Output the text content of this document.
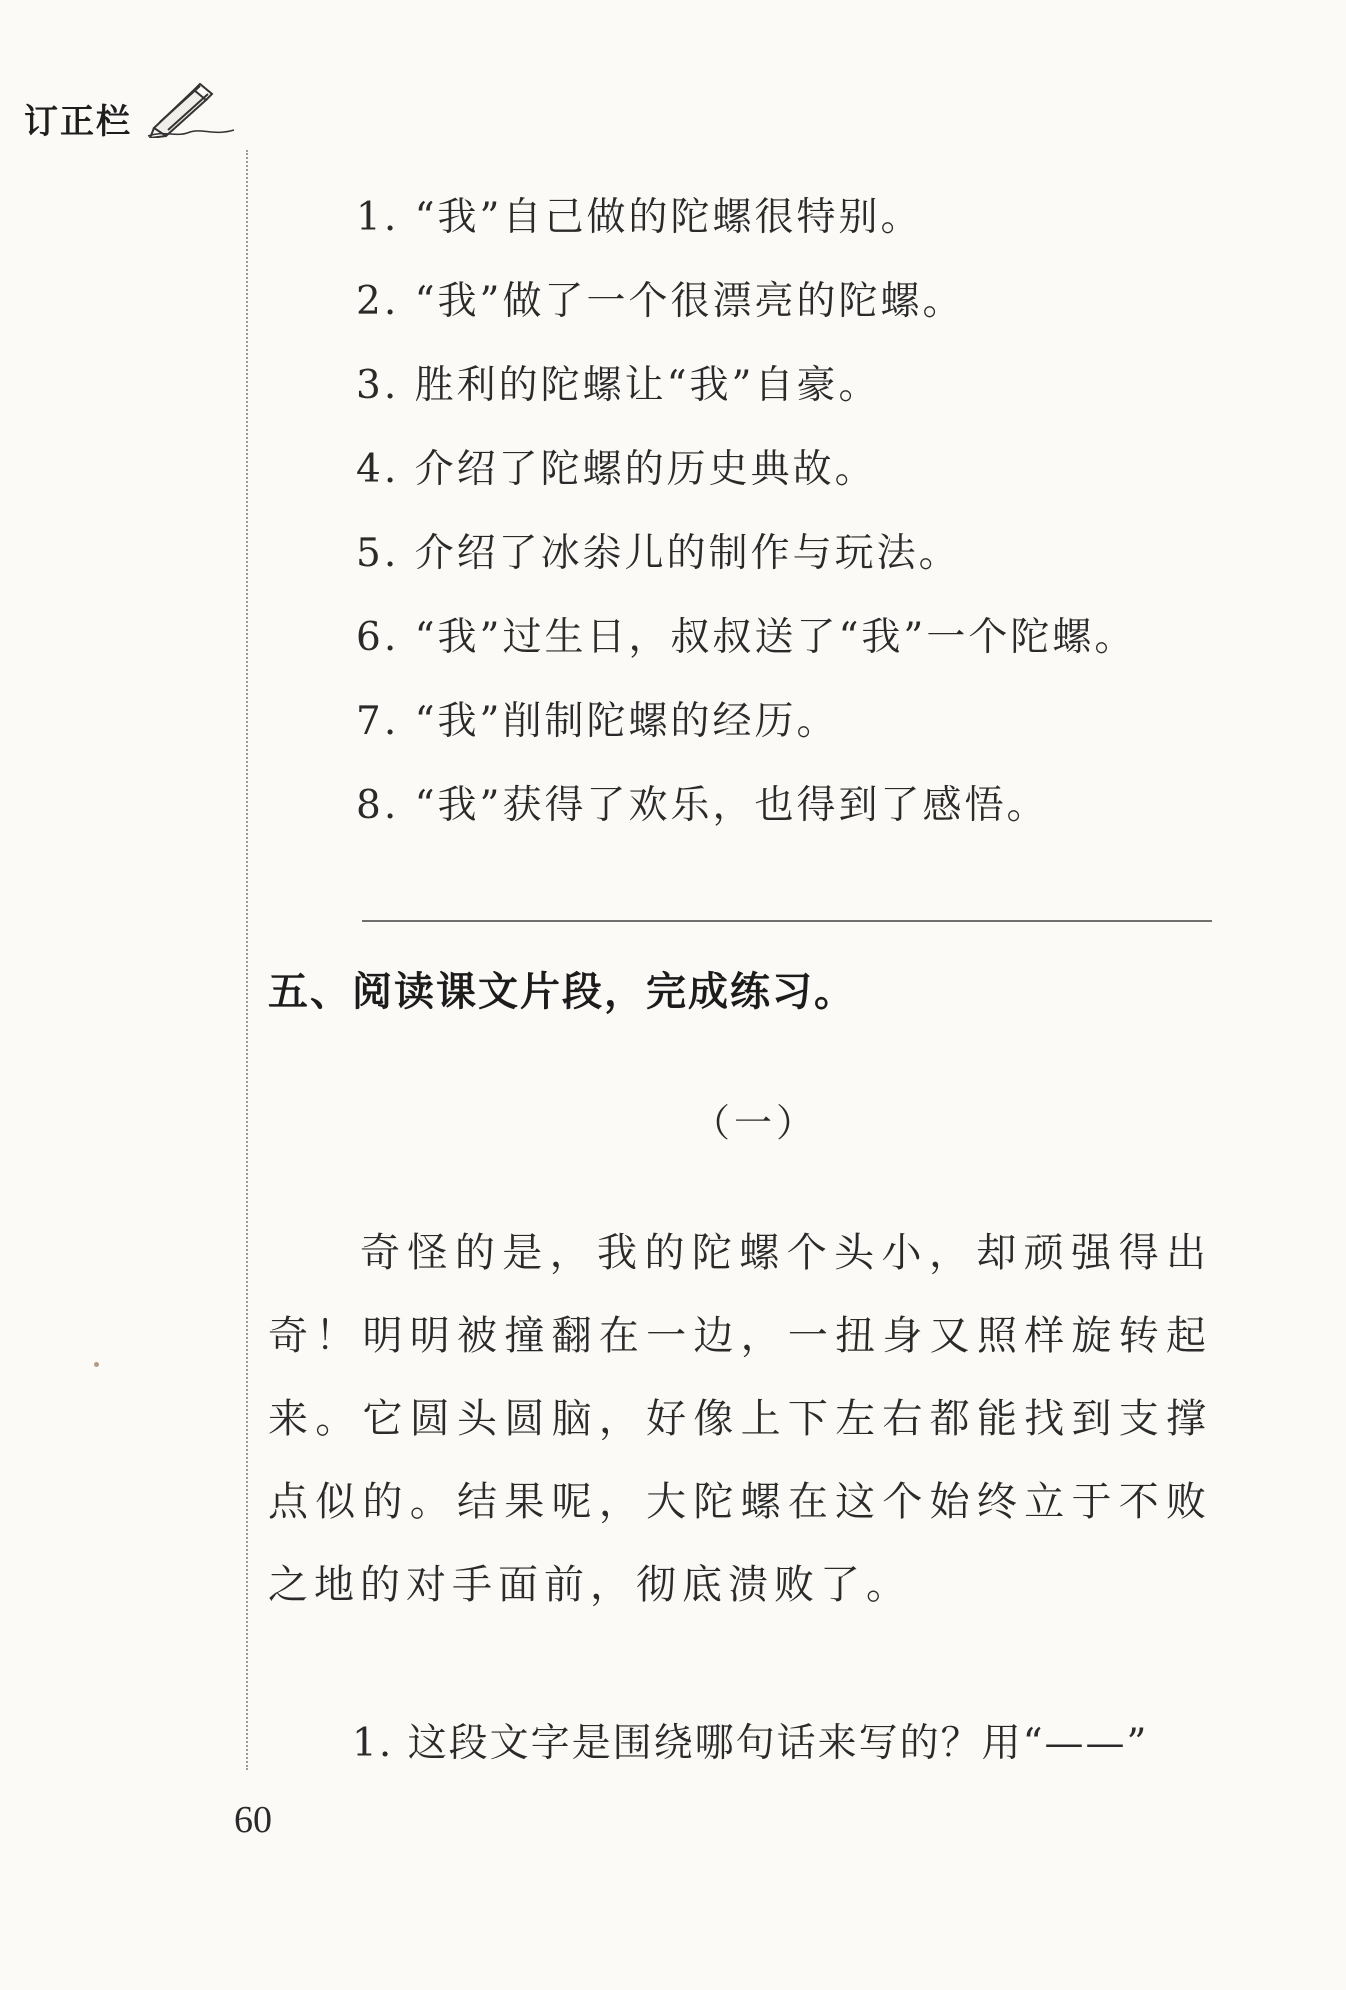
订正栏
1. “我”自己做的陀螺很特别。
2. “我”做了一个很漂亮的陀螺。
3. 胜利的陀螺让“我”自豪。
4. 介绍了陀螺的历史典故。
5. 介绍了冰尜儿的制作与玩法。
6. “我”过生日，叔叔送了“我”一个陀螺。
7. “我”削制陀螺的经历。
8. “我”获得了欢乐，也得到了感悟。
五、阅读课文片段，完成练习。
（一）
奇怪的是，我的陀螺个头小，却顽强得出奇！明明被撞翻在一边，一扭身又照样旋转起来。它圆头圆脑，好像上下左右都能找到支撑点似的。结果呢，大陀螺在这个始终立于不败之地的对手面前，彻底溃败了。
1. 这段文字是围绕哪句话来写的？用“——”
60
